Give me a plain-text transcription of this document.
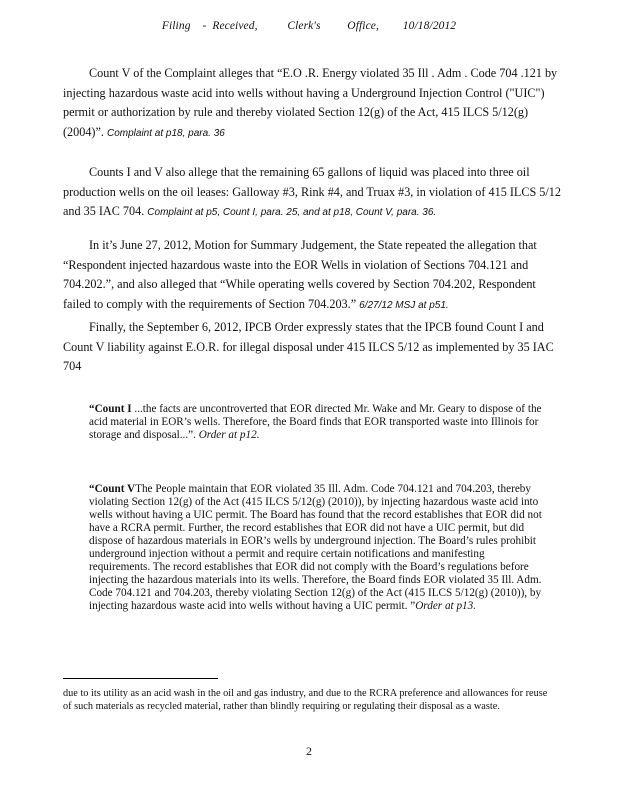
Filing    -  Received,          Clerk's         Office,        10/18/2012

Count V of the Complaint alleges that “E.O .R. Energy violated 35 Ill . Adm . Code 704 .121 by injecting hazardous waste acid into wells without having a Underground Injection Control ("UIC") permit or authorization by rule and thereby violated Section 12(g) of the Act, 415 ILCS 5/12(g) (2004)”. Complaint at p18, para. 36

Counts I and V also allege that the remaining 65 gallons of liquid was placed into three oil production wells on the oil leases: Galloway #3, Rink #4, and Truax #3, in violation of 415 ILCS 5/12 and 35 IAC 704. Complaint at p5, Count I, para. 25, and at p18, Count V, para. 36.

In it’s June 27, 2012, Motion for Summary Judgement, the State repeated the allegation that “Respondent injected hazardous waste into the EOR Wells in violation of Sections 704.121 and 704.202.”, and also alleged that “While operating wells covered by Section 704.202, Respondent failed to comply with the requirements of Section 704.203.” 6/27/12 MSJ at p51.

Finally, the September 6, 2012, IPCB Order expressly states that the IPCB found Count I and Count V liability against E.O.R. for illegal disposal under 415 ILCS 5/12 as implemented by 35 IAC 704

“Count I ...the facts are uncontroverted that EOR directed Mr. Wake and Mr. Geary to dispose of the acid material in EOR’s wells. Therefore, the Board finds that EOR transported waste into Illinois for storage and disposal...”. Order at p12.

“Count VThe People maintain that EOR violated 35 Ill. Adm. Code 704.121 and 704.203, thereby violating Section 12(g) of the Act (415 ILCS 5/12(g) (2010)), by injecting hazardous waste acid into wells without having a UIC permit. The Board has found that the record establishes that EOR did not have a RCRA permit. Further, the record establishes that EOR did not have a UIC permit, but did dispose of hazardous materials in EOR’s wells by underground injection. The Board’s rules prohibit underground injection without a permit and require certain notifications and manifesting requirements. The record establishes that EOR did not comply with the Board’s regulations before injecting the hazardous materials into its wells. Therefore, the Board finds EOR violated 35 Ill. Adm. Code 704.121 and 704.203, thereby violating Section 12(g) of the Act (415 ILCS 5/12(g) (2010)), by injecting hazardous waste acid into wells without having a UIC permit. ”Order at p13.

due to its utility as an acid wash in the oil and gas industry, and due to the RCRA preference and allowances for reuse of such materials as recycled material, rather than blindly requiring or regulating their disposal as a waste.

2
